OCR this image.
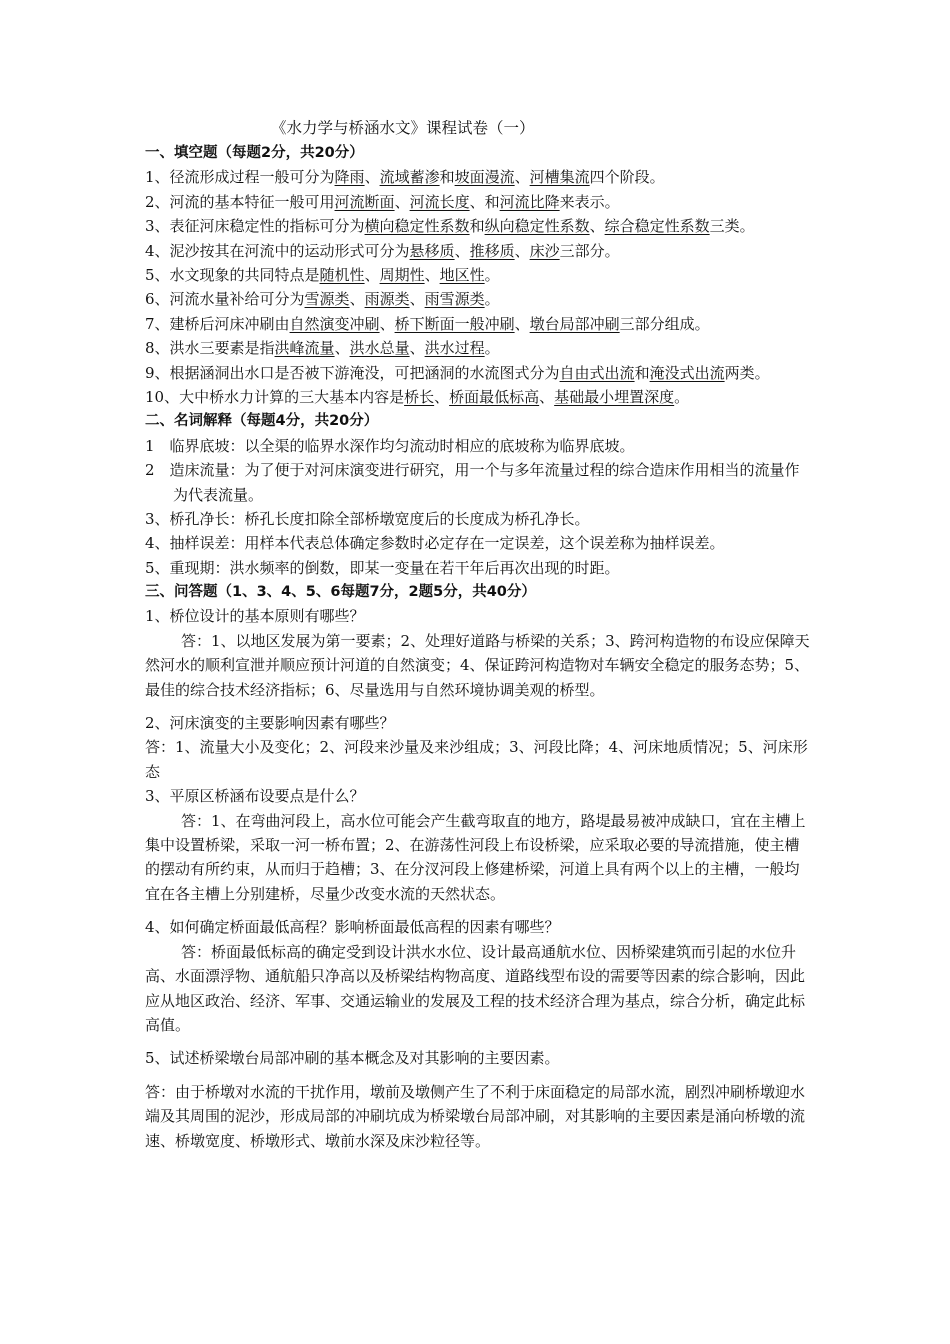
《水力学与桥涵水文》课程试卷（一）
一、填空题（每题2分，共20分）
1、径流形成过程一般可分为降雨、流域蓄渗和坡面漫流、河槽集流四个阶段。
2、河流的基本特征一般可用河流断面、河流长度、和河流比降来表示。
3、表征河床稳定性的指标可分为横向稳定性系数和纵向稳定性系数、综合稳定性系数三类。
4、泥沙按其在河流中的运动形式可分为悬移质、推移质、床沙三部分。
5、水文现象的共同特点是随机性、周期性、地区性。
6、河流水量补给可分为雪源类、雨源类、雨雪源类。
7、建桥后河床冲刷由自然演变冲刷、桥下断面一般冲刷、墩台局部冲刷三部分组成。
8、洪水三要素是指洪峰流量、洪水总量、洪水过程。
9、根据涵洞出水口是否被下游淹没，可把涵洞的水流图式分为自由式出流和淹没式出流两类。
10、大中桥水力计算的三大基本内容是桥长、桥面最低标高、基础最小埋置深度。
二、名词解释（每题4分，共20分）
1　临界底坡：以全渠的临界水深作均匀流动时相应的底坡称为临界底坡。
2　造床流量：为了便于对河床演变进行研究，用一个与多年流量过程的综合造床作用相当的流量作为代表流量。
3、桥孔净长：桥孔长度扣除全部桥墩宽度后的长度成为桥孔净长。
4、抽样误差：用样本代表总体确定参数时必定存在一定误差，这个误差称为抽样误差。
5、重现期：洪水频率的倒数，即某一变量在若干年后再次出现的时距。
三、问答题（1、3、4、5、6每题7分，2题5分，共40分）
1、桥位设计的基本原则有哪些？

答：1、以地区发展为第一要素；2、处理好道路与桥梁的关系；3、跨河构造物的布设应保障天然河水的顺利宣泄并顺应预计河道的自然演变；4、保证跨河构造物对车辆安全稳定的服务态势；5、最佳的综合技术经济指标；6、尽量选用与自然环境协调美观的桥型。

2、河床演变的主要影响因素有哪些？

答：1、流量大小及变化；2、河段来沙量及来沙组成；3、河段比降；4、河床地质情况；5、河床形态

3、平原区桥涵布设要点是什么？

答：1、在弯曲河段上，高水位可能会产生截弯取直的地方，路堤最易被冲成缺口，宜在主槽上集中设置桥梁，采取一河一桥布置；2、在游荡性河段上布设桥梁，应采取必要的导流措施，使主槽的摆动有所约束，从而归于趋槽；3、在分汊河段上修建桥梁，河道上具有两个以上的主槽，一般均宜在各主槽上分别建桥，尽量少改变水流的天然状态。

4、如何确定桥面最低高程？影响桥面最低高程的因素有哪些？

答：桥面最低标高的确定受到设计洪水水位、设计最高通航水位、因桥梁建筑而引起的水位升高、水面漂浮物、通航船只净高以及桥梁结构物高度、道路线型布设的需要等因素的综合影响，因此应从地区政治、经济、军事、交通运输业的发展及工程的技术经济合理为基点，综合分析，确定此标高值。

5、试述桥梁墩台局部冲刷的基本概念及对其影响的主要因素。

答：由于桥墩对水流的干扰作用，墩前及墩侧产生了不利于床面稳定的局部水流，剧烈冲刷桥墩迎水端及其周围的泥沙，形成局部的冲刷坑成为桥梁墩台局部冲刷，对其影响的主要因素是涌向桥墩的流速、桥墩宽度、桥墩形式、墩前水深及床沙粒径等。
